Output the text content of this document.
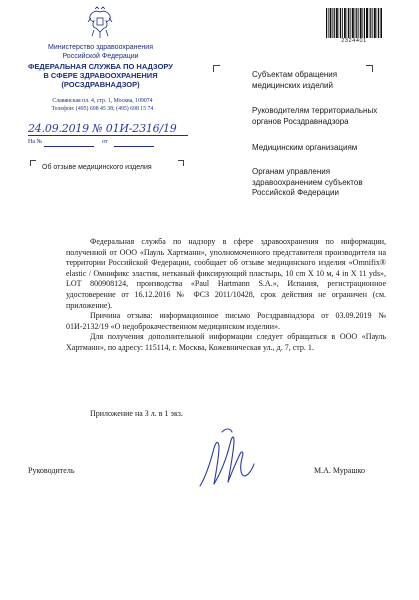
Министерство здравоохранения
Российской Федерации
ФЕДЕРАЛЬНАЯ СЛУЖБА ПО НАДЗОРУ
В СФЕРЕ ЗДРАВООХРАНЕНИЯ
(РОСЗДРАВНАДЗОР)
Славянская пл. 4, стр. 1, Москва, 109074
Телефон: (495) 698 45 38; (495) 698 15 74
24.09.2019 № 01И-2316/19
На №	от
Об отзыве медицинского изделия
2324401
Субъектам обращения
медицинских изделий
Руководителям территориальных
органов Росздравнадзора
Медицинским организациям
Органам управления
здравоохранением субъектов
Российской Федерации

Федеральная служба по надзору в сфере здравоохранения по информации, полученной от ООО «Пауль Хартманн», уполномоченного представителя производителя на территории Российской Федерации, сообщает об отзыве медицинского изделия «Omnifix® elastic / Омнификс эластик, нетканый фиксирующий пластырь, 10 cm X 10 м, 4 in X 11 yds», LOT 800908124, производства «Paul Hartmann S.A.», Испания, регистрационное удостоверение от 16.12.2016 № ФСЗ 2011/10428, срок действия не ограничен (см. приложение).

Причина отзыва: информационное письмо Росздравнадзора от 03.09.2019 № 01И-2132/19 «О недоброкачественном медицинском изделии».

Для получения дополнительной информации следует обращаться в ООО «Пауль Хартманн», по адресу: 115114, г. Москва, Кожевническая ул., д. 7, стр. 1.

Приложение на 3 л. в 1 экз.
Руководитель	М.А. Мурашко
